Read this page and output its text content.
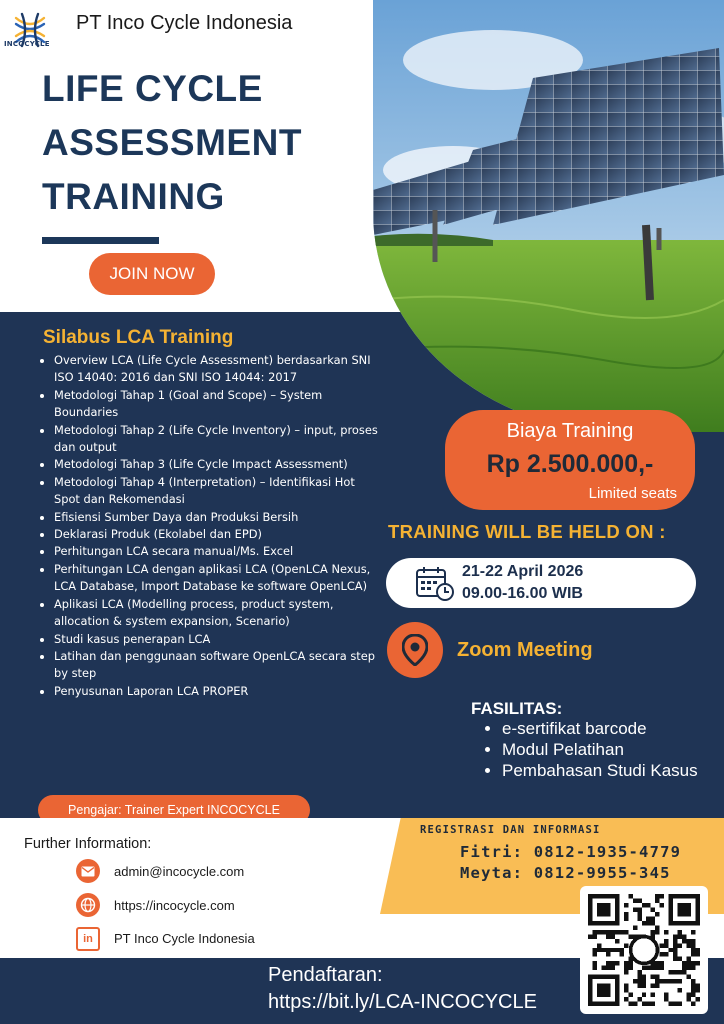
INCOCYCLE
PT Inco Cycle Indonesia
LIFE CYCLE
ASSESSMENT
TRAINING
JOIN NOW
Silabus LCA Training
• Overview LCA (Life Cycle Assessment) berdasarkan SNI ISO 14040: 2016 dan SNI ISO 14044: 2017
• Metodologi Tahap 1 (Goal and Scope) – System Boundaries
• Metodologi Tahap 2 (Life Cycle Inventory) – input, proses dan output
• Metodologi Tahap 3 (Life Cycle Impact Assessment)
• Metodologi Tahap 4 (Interpretation) – Identifikasi Hot Spot dan Rekomendasi
• Efisiensi Sumber Daya dan Produksi Bersih
• Deklarasi Produk (Ekolabel dan EPD)
• Perhitungan LCA secara manual/Ms. Excel
• Perhitungan LCA dengan aplikasi LCA (OpenLCA Nexus, LCA Database, Import Database ke software OpenLCA)
• Aplikasi LCA (Modelling process, product system, allocation & system expansion, Scenario)
• Studi kasus penerapan LCA
• Latihan dan penggunaan software OpenLCA secara step by step
• Penyusunan Laporan LCA PROPER
Pengajar: Trainer Expert INCOCYCLE
Biaya Training
Rp 2.500.000,-
Limited seats
TRAINING WILL BE HELD ON :
21-22 April 2026
09.00-16.00 WIB
Zoom Meeting
FASILITAS:
• e-sertifikat barcode
• Modul Pelatihan
• Pembahasan Studi Kasus
REGISTRASI DAN INFORMASI
Fitri: 0812-1935-4779
Meyta: 0812-9955-345
Further Information:
admin@incocycle.com
https://incocycle.com
in PT Inco Cycle Indonesia
Pendaftaran:
https://bit.ly/LCA-INCOCYCLE
